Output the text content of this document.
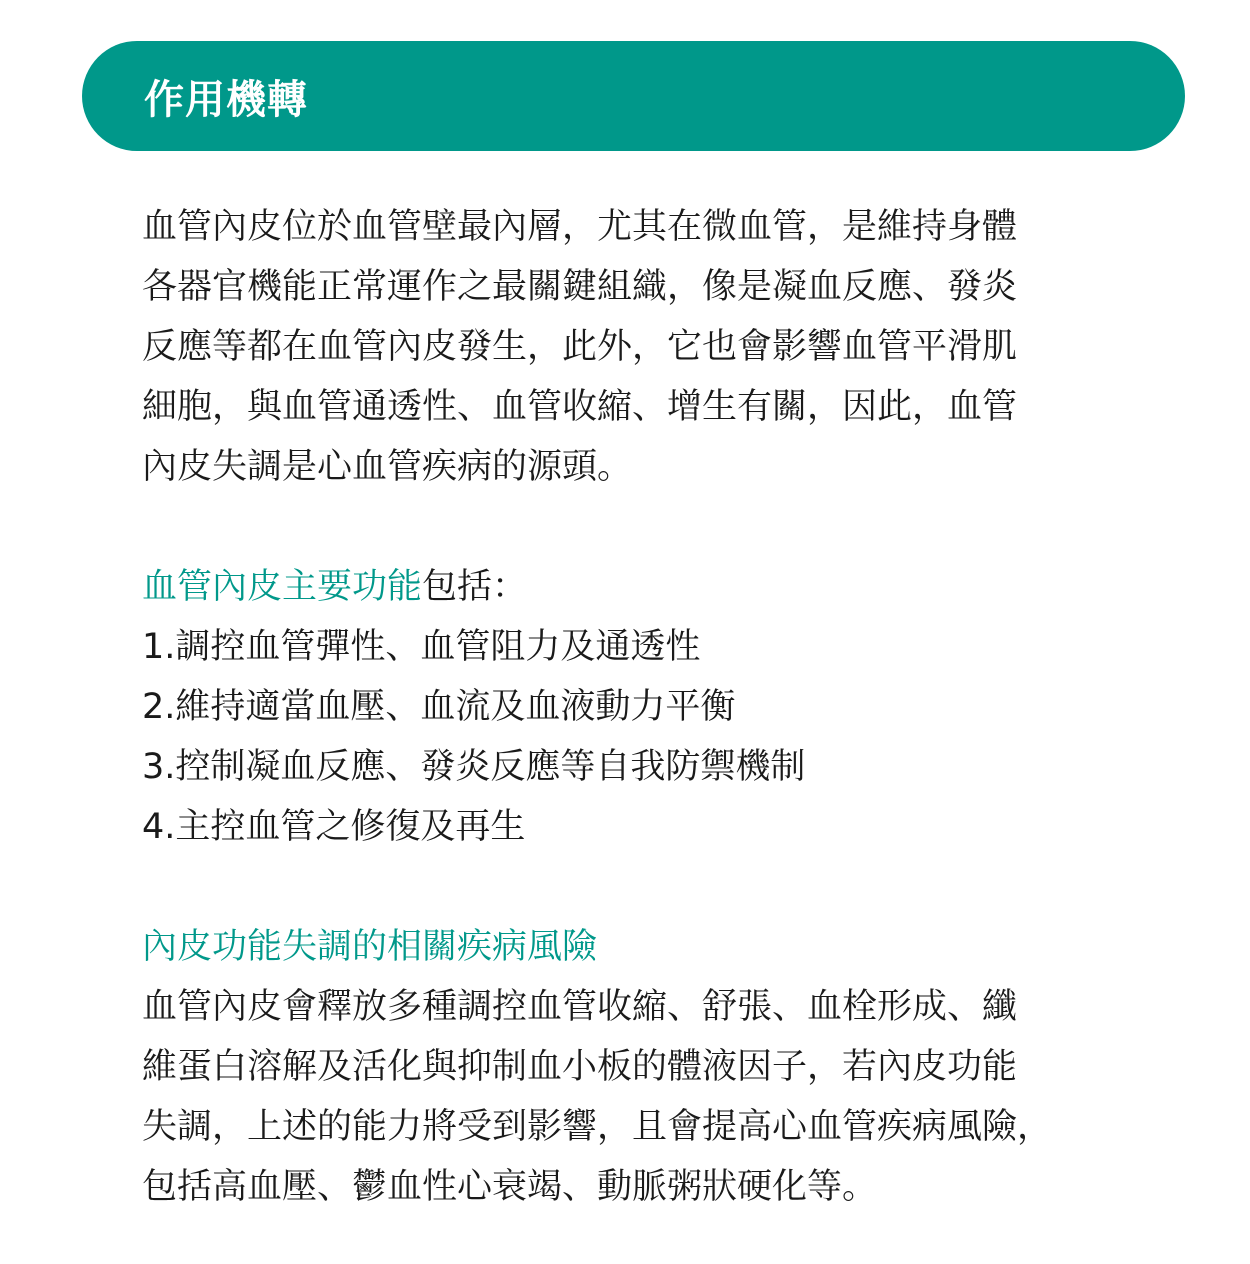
作用機轉

血管內皮位於血管壁最內層，尤其在微血管，是維持身體
各器官機能正常運作之最關鍵組織，像是凝血反應、發炎
反應等都在血管內皮發生，此外，它也會影響血管平滑肌
細胞，與血管通透性、血管收縮、增生有關，因此，血管
內皮失調是心血管疾病的源頭。

血管內皮主要功能包括：
1.調控血管彈性、血管阻力及通透性
2.維持適當血壓、血流及血液動力平衡
3.控制凝血反應、發炎反應等自我防禦機制
4.主控血管之修復及再生
內皮功能失調的相關疾病風險

血管內皮會釋放多種調控血管收縮、舒張、血栓形成、纖
維蛋白溶解及活化與抑制血小板的體液因子，若內皮功能
失調，上述的能力將受到影響，且會提高心血管疾病風險，
包括高血壓、鬱血性心衰竭、動脈粥狀硬化等。
